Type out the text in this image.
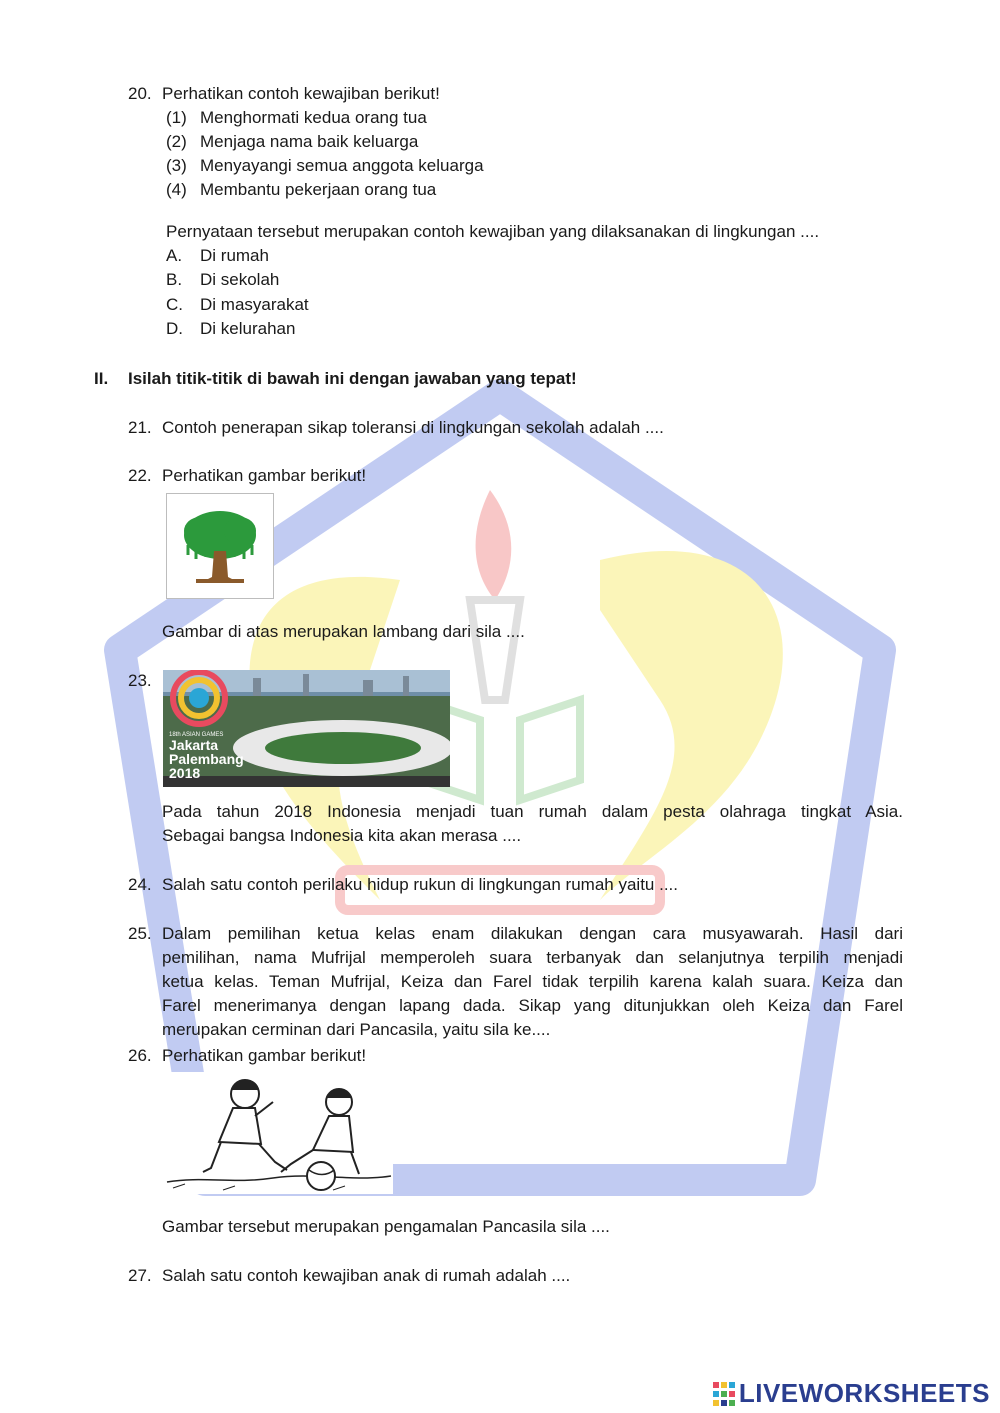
20. Perhatikan contoh kewajiban berikut!
(1) Menghormati kedua orang tua
(2) Menjaga nama baik keluarga
(3) Menyayangi semua anggota keluarga
(4) Membantu pekerjaan orang tua
Pernyataan tersebut merupakan contoh kewajiban yang dilaksanakan di lingkungan ....
A. Di rumah
B. Di sekolah
C. Di masyarakat
D. Di kelurahan
II. Isilah titik-titik di bawah ini dengan jawaban yang tepat!
21. Contoh penerapan sikap toleransi di lingkungan sekolah adalah ....
22. Perhatikan gambar berikut!
Gambar di atas merupakan lambang dari sila ....
23.
18th ASIAN GAMES
Jakarta
Palembang
2018
Pada tahun 2018 Indonesia menjadi tuan rumah dalam pesta olahraga tingkat Asia.
Sebagai bangsa Indonesia kita akan merasa ....
24. Salah satu contoh perilaku hidup rukun di lingkungan rumah yaitu ....
25. Dalam pemilihan ketua kelas enam dilakukan dengan cara musyawarah. Hasil dari
pemilihan, nama Mufrijal memperoleh suara terbanyak dan selanjutnya terpilih menjadi
ketua kelas. Teman Mufrijal, Keiza dan Farel tidak terpilih karena kalah suara. Keiza dan
Farel menerimanya dengan lapang dada. Sikap yang ditunjukkan oleh Keiza dan Farel
merupakan cerminan dari Pancasila, yaitu sila ke....
26. Perhatikan gambar berikut!
Gambar tersebut merupakan pengamalan Pancasila sila ....
27. Salah satu contoh kewajiban anak di rumah adalah ....
LIVEWORKSHEETS
